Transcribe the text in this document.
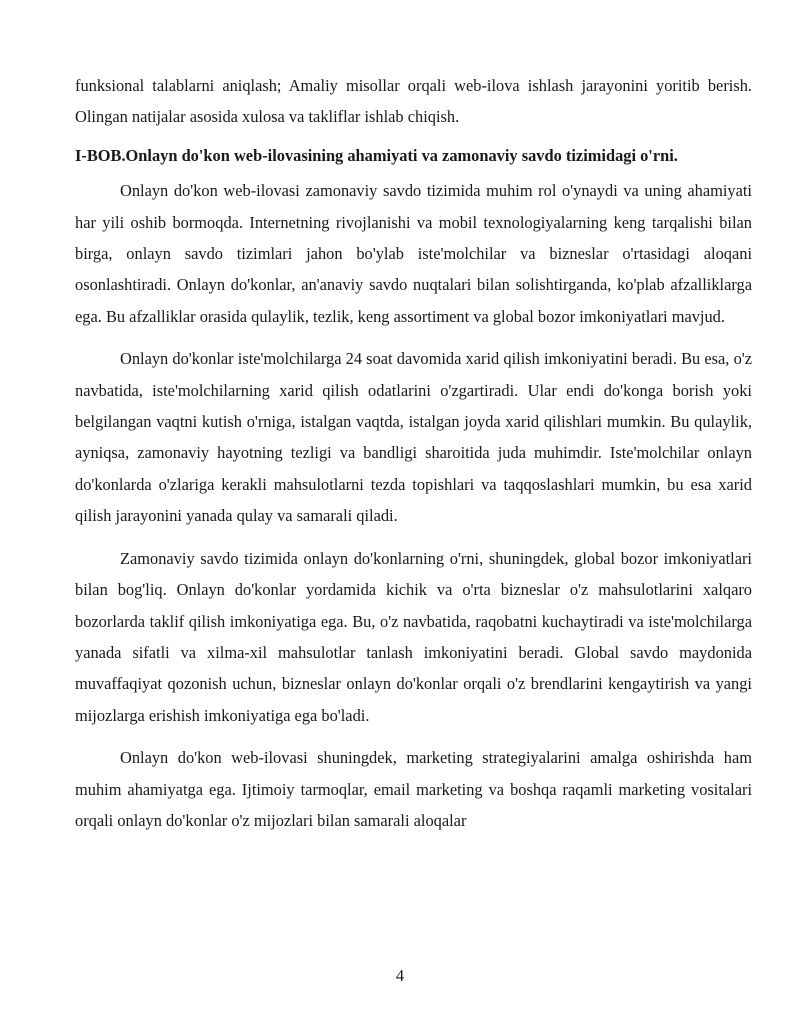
funksional talablarni aniqlash; Amaliy misollar orqali web-ilova ishlash jarayonini yoritib berish. Olingan natijalar asosida xulosa va takliflar ishlab chiqish.

I-BOB.Onlayn do'kon web-ilovasining ahamiyati va zamonaviy savdo tizimidagi o'rni.

Onlayn do'kon web-ilovasi zamonaviy savdo tizimida muhim rol o'ynaydi va uning ahamiyati har yili oshib bormoqda. Internetning rivojlanishi va mobil texnologiyalarning keng tarqalishi bilan birga, onlayn savdo tizimlari jahon bo'ylab iste'molchilar va bizneslar o'rtasidagi aloqani osonlashtiradi. Onlayn do'konlar, an'anaviy savdo nuqtalari bilan solishtirganda, ko'plab afzalliklarga ega. Bu afzalliklar orasida qulaylik, tezlik, keng assortiment va global bozor imkoniyatlari mavjud.

Onlayn do'konlar iste'molchilarga 24 soat davomida xarid qilish imkoniyatini beradi. Bu esa, o'z navbatida, iste'molchilarning xarid qilish odatlarini o'zgartiradi. Ular endi do'konga borish yoki belgilangan vaqtni kutish o'rniga, istalgan vaqtda, istalgan joyda xarid qilishlari mumkin. Bu qulaylik, ayniqsa, zamonaviy hayotning tezligi va bandligi sharoitida juda muhimdir. Iste'molchilar onlayn do'konlarda o'zlariga kerakli mahsulotlarni tezda topishlari va taqqoslashlari mumkin, bu esa xarid qilish jarayonini yanada qulay va samarali qiladi.

Zamonaviy savdo tizimida onlayn do'konlarning o'rni, shuningdek, global bozor imkoniyatlari bilan bog'liq. Onlayn do'konlar yordamida kichik va o'rta bizneslar o'z mahsulotlarini xalqaro bozorlarda taklif qilish imkoniyatiga ega. Bu, o'z navbatida, raqobatni kuchaytiradi va iste'molchilarga yanada sifatli va xilma-xil mahsulotlar tanlash imkoniyatini beradi. Global savdo maydonida muvaffaqiyat qozonish uchun, bizneslar onlayn do'konlar orqali o'z brendlarini kengaytirish va yangi mijozlarga erishish imkoniyatiga ega bo'ladi.

Onlayn do'kon web-ilovasi shuningdek, marketing strategiyalarini amalga oshirishda ham muhim ahamiyatga ega. Ijtimoiy tarmoqlar, email marketing va boshqa raqamli marketing vositalari orqali onlayn do'konlar o'z mijozlari bilan samarali aloqalar

4
